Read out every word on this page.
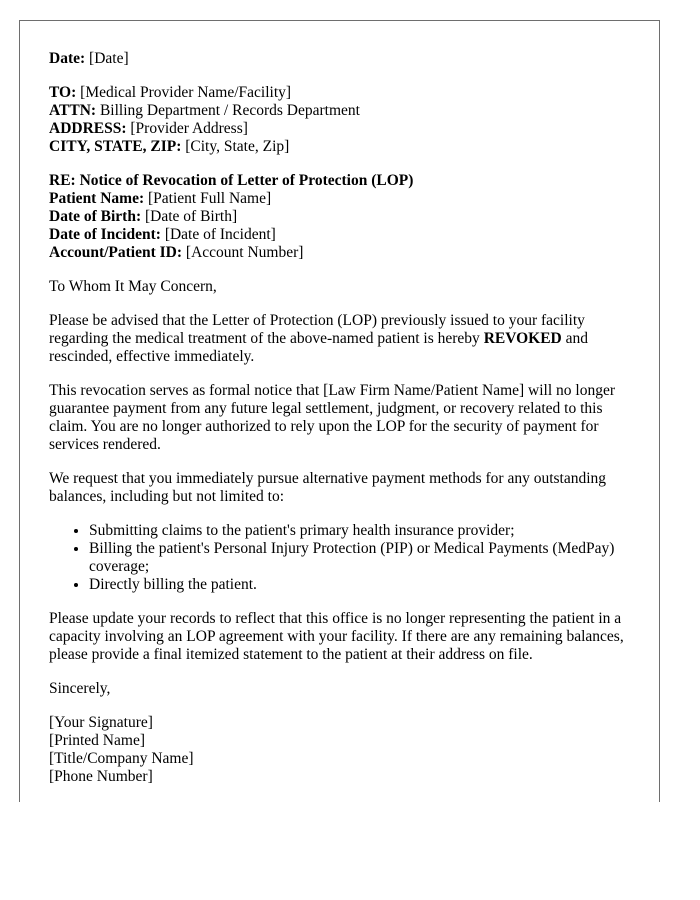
Date: [Date]
TO: [Medical Provider Name/Facility]
ATTN: Billing Department / Records Department
ADDRESS: [Provider Address]
CITY, STATE, ZIP: [City, State, Zip]
RE: Notice of Revocation of Letter of Protection (LOP)
Patient Name: [Patient Full Name]
Date of Birth: [Date of Birth]
Date of Incident: [Date of Incident]
Account/Patient ID: [Account Number]

To Whom It May Concern,

Please be advised that the Letter of Protection (LOP) previously issued to your facility regarding the medical treatment of the above-named patient is hereby REVOKED and rescinded, effective immediately.

This revocation serves as formal notice that [Law Firm Name/Patient Name] will no longer guarantee payment from any future legal settlement, judgment, or recovery related to this claim. You are no longer authorized to rely upon the LOP for the security of payment for services rendered.

We request that you immediately pursue alternative payment methods for any outstanding balances, including but not limited to:

• Submitting claims to the patient's primary health insurance provider;
• Billing the patient's Personal Injury Protection (PIP) or Medical Payments (MedPay) coverage;
• Directly billing the patient.

Please update your records to reflect that this office is no longer representing the patient in a capacity involving an LOP agreement with your facility. If there are any remaining balances, please provide a final itemized statement to the patient at their address on file.

Sincerely,

[Your Signature]
[Printed Name]
[Title/Company Name]
[Phone Number]
